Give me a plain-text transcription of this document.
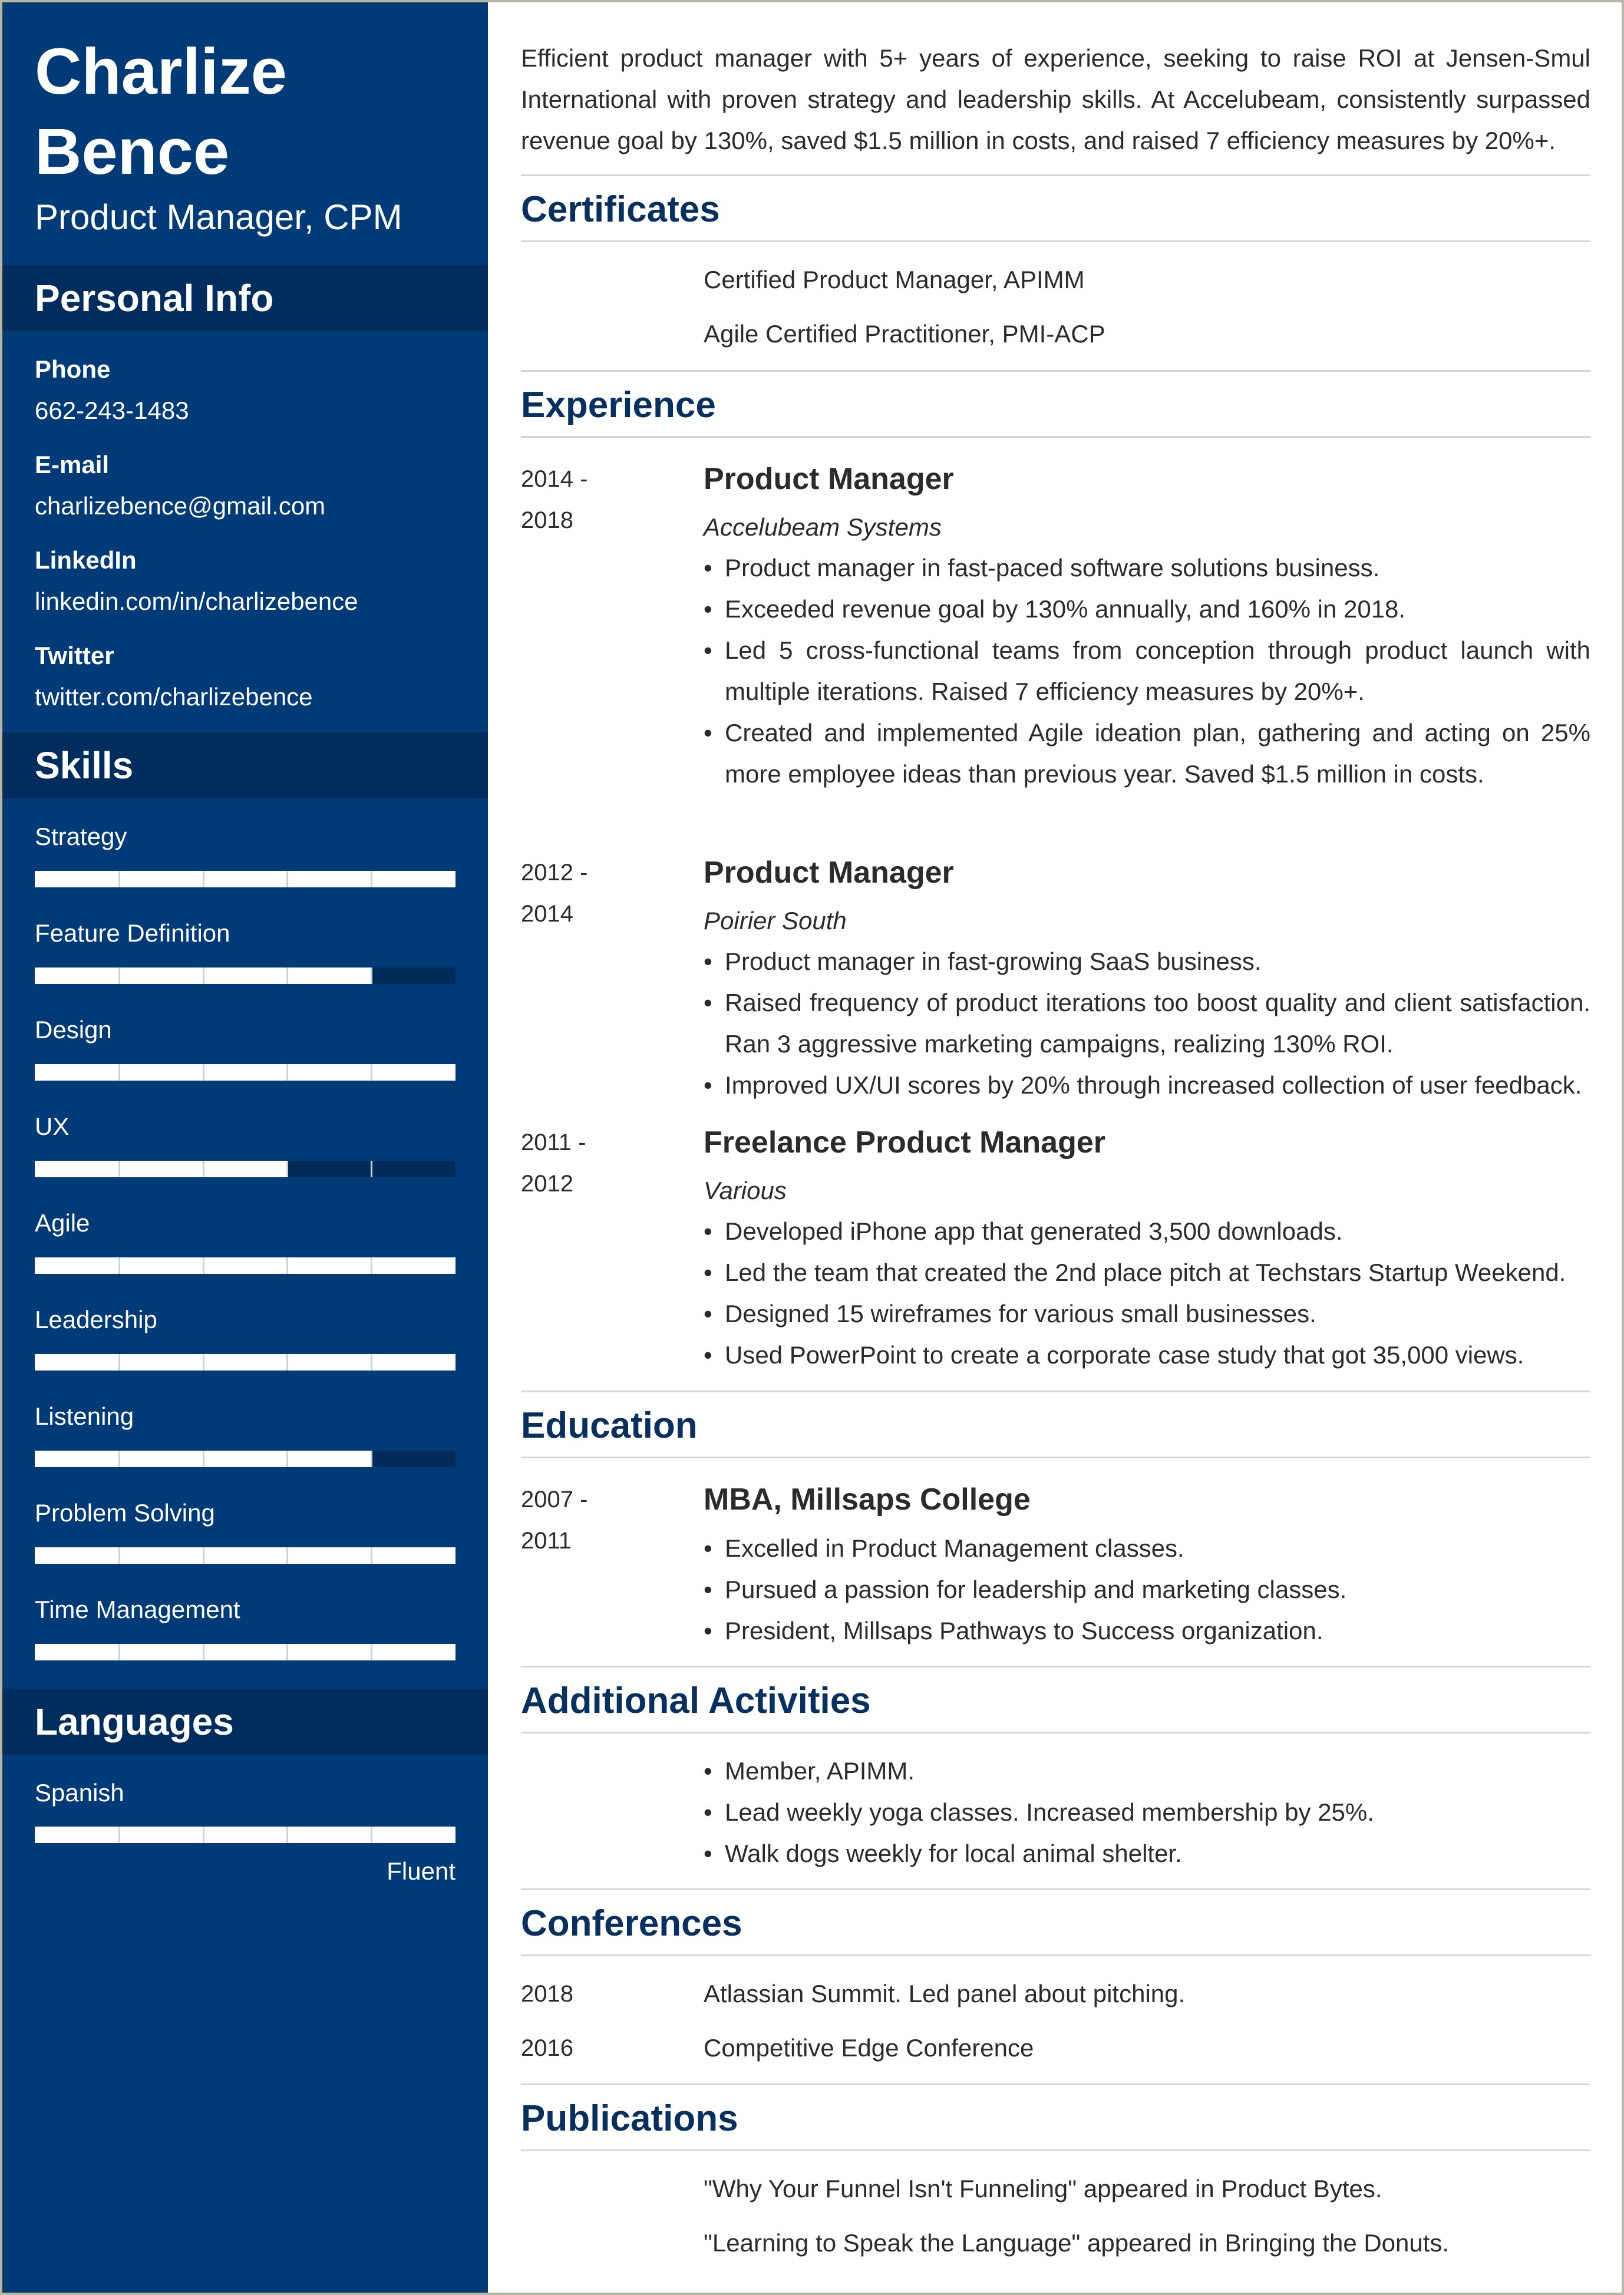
Charlize Bence
Product Manager, CPM
Personal Info
Phone
662-243-1483
E-mail
charlizebence@gmail.com
LinkedIn
linkedin.com/in/charlizebence
Twitter
twitter.com/charlizebence
Skills
Strategy
Feature Definition
Design
UX
Agile
Leadership
Listening
Problem Solving
Time Management
Languages
Spanish
Fluent
Efficient product manager with 5+ years of experience, seeking to raise ROI at Jensen-Smul International with proven strategy and leadership skills. At Accelubeam, consistently surpassed revenue goal by 130%, saved $1.5 million in costs, and raised 7 efficiency measures by 20%+.
Certificates
Certified Product Manager, APIMM
Agile Certified Practitioner, PMI-ACP
Experience
2014 -
2018
Product Manager
Accelubeam Systems
• Product manager in fast-paced software solutions business.
• Exceeded revenue goal by 130% annually, and 160% in 2018.
• Led 5 cross-functional teams from conception through product launch with multiple iterations. Raised 7 efficiency measures by 20%+.
• Created and implemented Agile ideation plan, gathering and acting on 25% more employee ideas than previous year. Saved $1.5 million in costs.
2012 -
2014
Product Manager
Poirier South
• Product manager in fast-growing SaaS business.
• Raised frequency of product iterations too boost quality and client satisfaction. Ran 3 aggressive marketing campaigns, realizing 130% ROI.
• Improved UX/UI scores by 20% through increased collection of user feedback.
2011 -
2012
Freelance Product Manager
Various
• Developed iPhone app that generated 3,500 downloads.
• Led the team that created the 2nd place pitch at Techstars Startup Weekend.
• Designed 15 wireframes for various small businesses.
• Used PowerPoint to create a corporate case study that got 35,000 views.
Education
2007 -
2011
MBA, Millsaps College
• Excelled in Product Management classes.
• Pursued a passion for leadership and marketing classes.
• President, Millsaps Pathways to Success organization.
Additional Activities
• Member, APIMM.
• Lead weekly yoga classes. Increased membership by 25%.
• Walk dogs weekly for local animal shelter.
Conferences
2018	Atlassian Summit. Led panel about pitching.
2016	Competitive Edge Conference
Publications
"Why Your Funnel Isn't Funneling" appeared in Product Bytes.
"Learning to Speak the Language" appeared in Bringing the Donuts.
